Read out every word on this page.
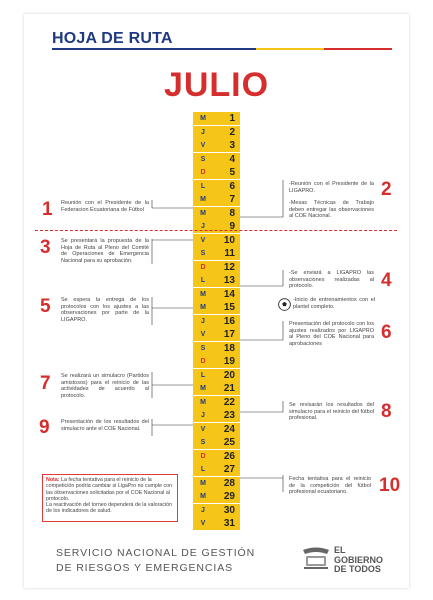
HOJA DE RUTA
JULIO
M	1
J	2
V	3
S	4
D	5
L	6
M	7
M	8
J	9
V	10
S	11
D	12
L	13
M	14
M	15
J	16
V	17
S	18
D	19
L	20
M	21
M	22
J	23
V	24
S	25
D	26
L	27
M	28
M	29
J	30
V	31
1 Reunión con el Presidente de la Federacion Ecuatoriana de Fútbol
-Reunión con el Presidente de la LIGAPRO.
-Mesas Técnicas de Trabajo deben entregar las observaciones al COE Nacional.
2
3 Se presentará la propuesta de la Hoja de Ruta al Pleno del Comité de Operaciones de Emergencia Nacional para su aprobación.
-Se enviará a LIGAPRO las observaciones realizadas al protocolo.
-Inicio de entrenamientos con el plantel completo.
4
5 Se espera la entrega de los protocolos con los ajustes a las observaciones por parte de la LIGAPRO.
Presentación del protocolo con los ajustes realizados por LIGAPRO al Pleno del COE Nacional para aprobaciones
6
7 Se realizará un simulacro (Partidos amistosos) para el reinicio de las actividades de acuerdo al protocolo.
Se revisarán los resultados del simulacro para el reinicio del fútbol profesional.	8
9 Presentación de los resultados del simulacro ante el COE Nacional.
Fecha tentativa para el reinicio de la competición del fútbol profesional ecuatoriano.	10
Nota: La fecha tentativa para el reinicio de la competición podría cambiar si LigaPro no cumple con las observaciones solicitadas por el COE Nacional al protocolo.
La reactivación del torneo dependerá de la valoración de los indicadores de salud.
SERVICIO NACIONAL DE GESTIÓN
DE RIESGOS Y EMERGENCIAS
EL
GOBIERNO
DE TODOS
